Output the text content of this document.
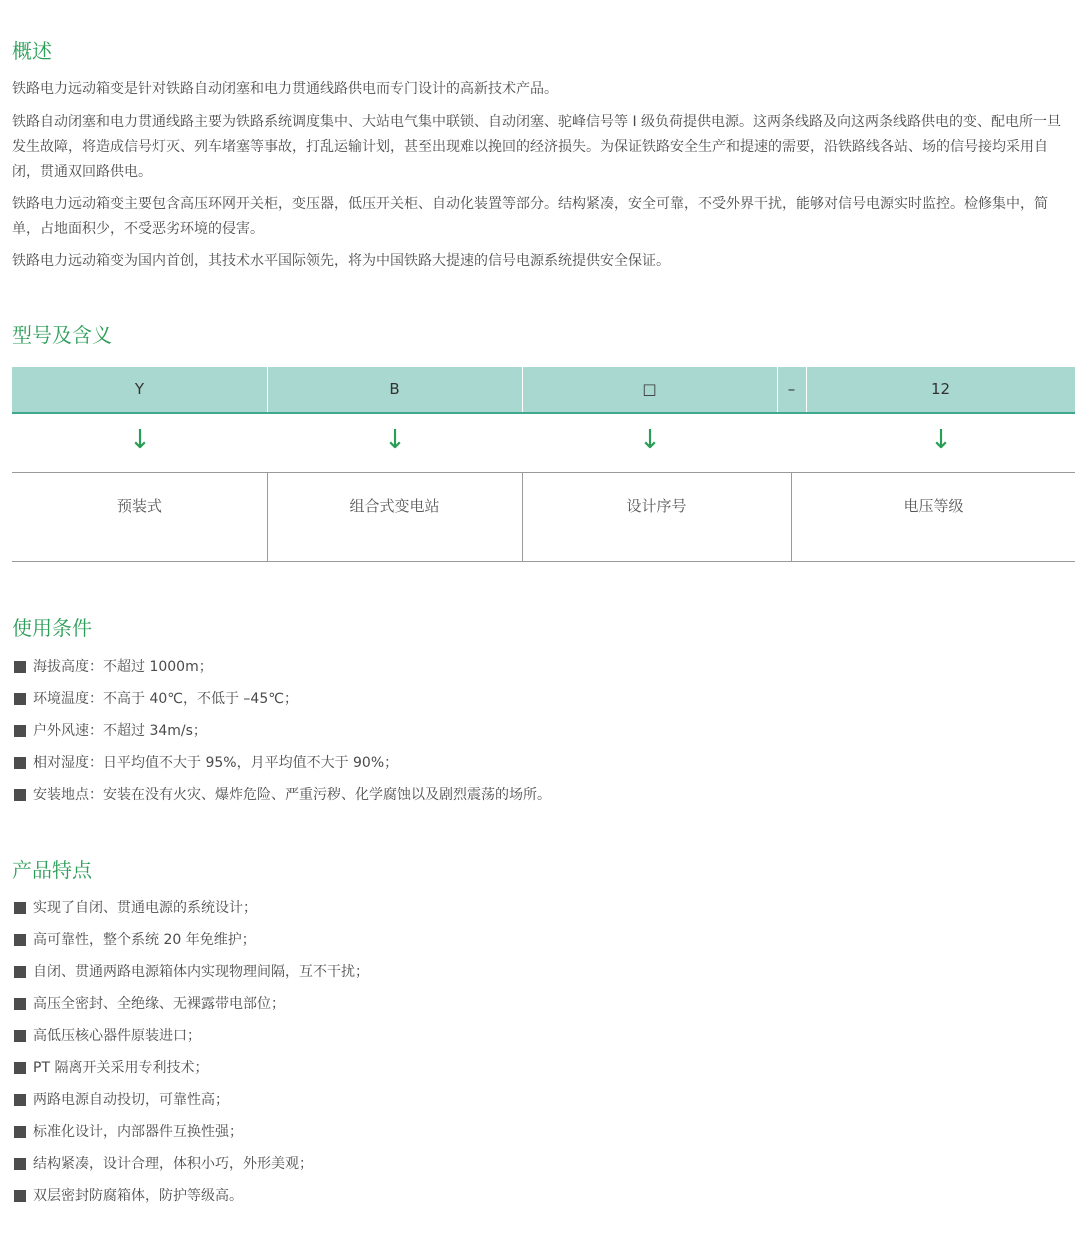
概述

铁路电力远动箱变是针对铁路自动闭塞和电力贯通线路供电而专门设计的高新技术产品。

铁路自动闭塞和电力贯通线路主要为铁路系统调度集中、大站电气集中联锁、自动闭塞、驼峰信号等 I 级负荷提供电源。这两条线路及向这两条线路供电的变、配电所一旦发生故障，将造成信号灯灭、列车堵塞等事故，打乱运输计划，甚至出现难以挽回的经济损失。为保证铁路安全生产和提速的需要，沿铁路线各站、场的信号接均采用自闭，贯通双回路供电。

铁路电力远动箱变主要包含高压环网开关柜，变压器，低压开关柜、自动化装置等部分。结构紧凑，安全可靠，不受外界干扰，能够对信号电源实时监控。检修集中，简单，占地面积少，不受恶劣环境的侵害。

铁路电力远动箱变为国内首创，其技术水平国际领先，将为中国铁路大提速的信号电源系统提供安全保证。

型号及含义
Y	B	□	–	12
↓	↓	↓	↓
预装式	组合式变电站	设计序号	电压等级
使用条件
海拔高度：不超过 1000m；
环境温度：不高于 40℃，不低于 –45℃；
户外风速：不超过 34m/s；
相对湿度：日平均值不大于 95%，月平均值不大于 90%；
安装地点：安装在没有火灾、爆炸危险、严重污秽、化学腐蚀以及剧烈震荡的场所。
产品特点
实现了自闭、贯通电源的系统设计；
高可靠性，整个系统 20 年免维护；
自闭、贯通两路电源箱体内实现物理间隔，互不干扰；
高压全密封、全绝缘、无裸露带电部位；
高低压核心器件原装进口；
PT 隔离开关采用专利技术；
两路电源自动投切，可靠性高；
标准化设计，内部器件互换性强；
结构紧凑，设计合理，体积小巧，外形美观；
双层密封防腐箱体，防护等级高。
